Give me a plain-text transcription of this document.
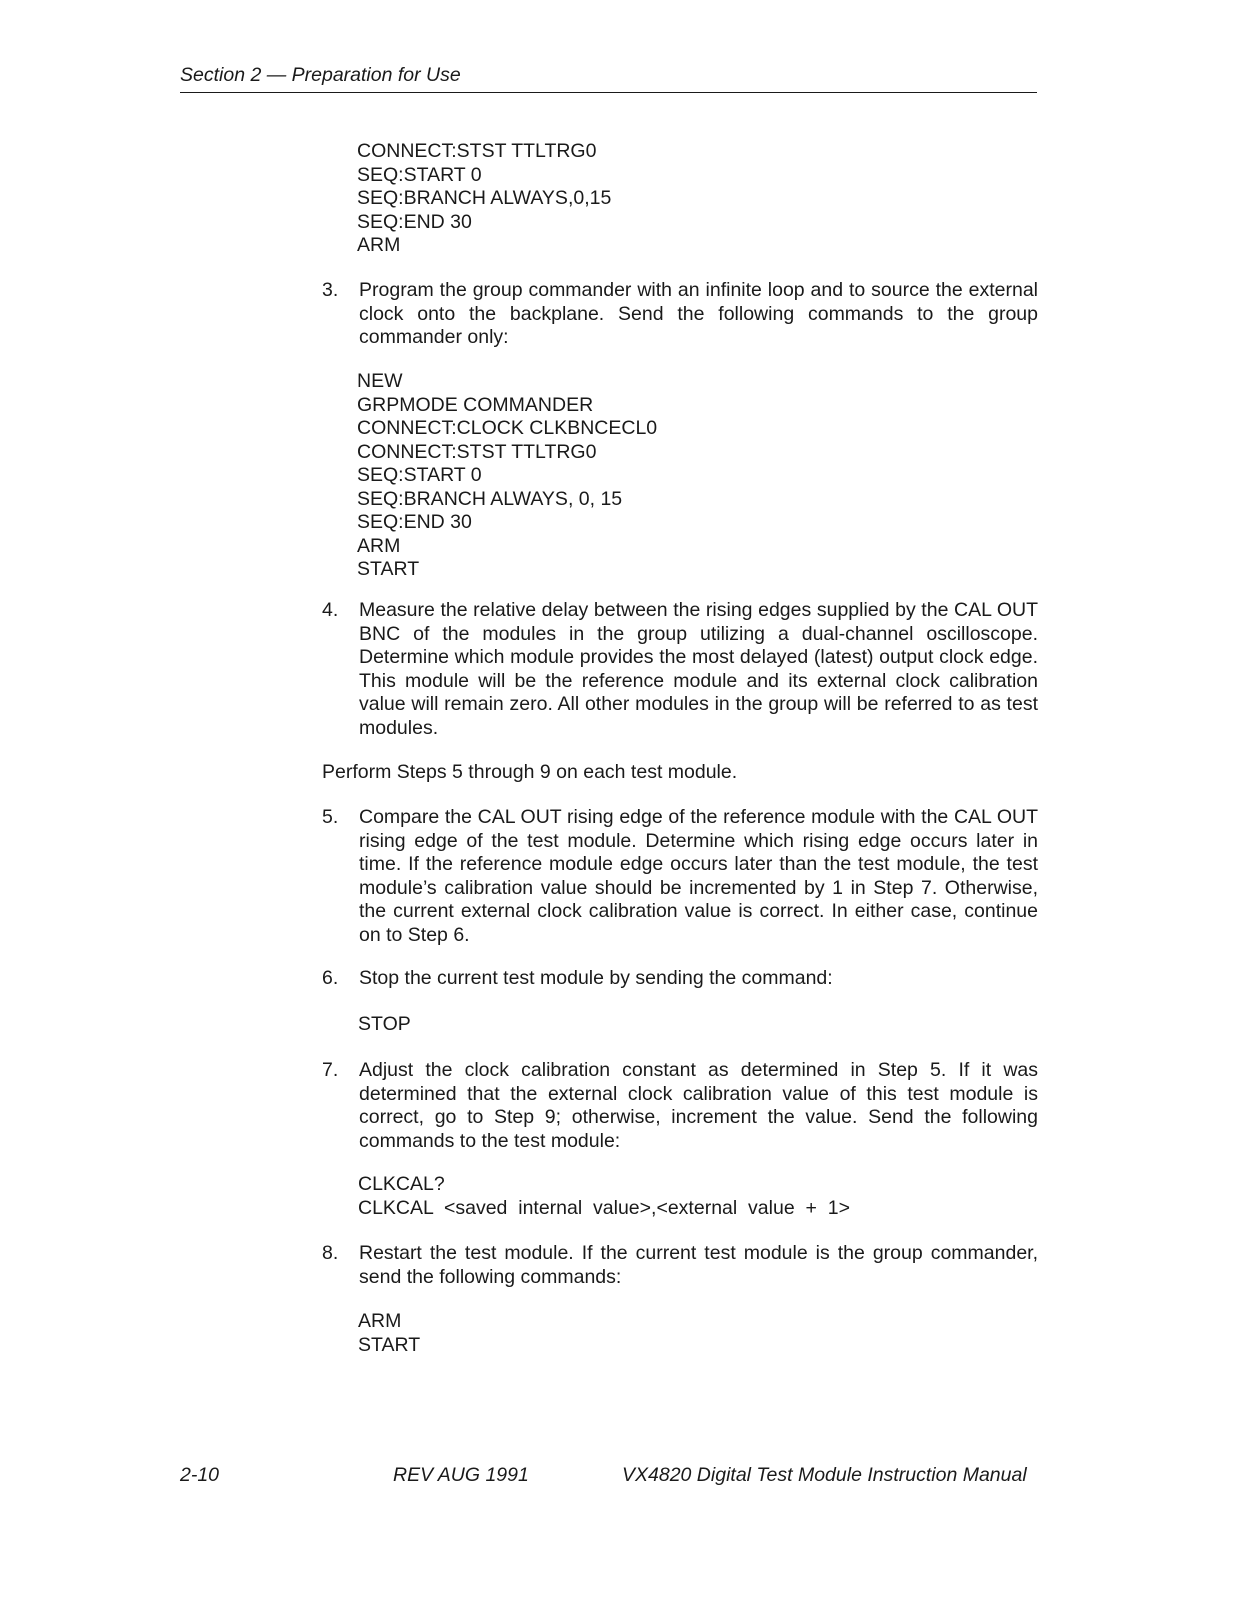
Section 2 — Preparation for Use
CONNECT:STST TTLTRG0
SEQ:START 0
SEQ:BRANCH ALWAYS,0,15
SEQ:END 30
ARM
3. Program the group commander with an infinite loop and to source the external clock onto the backplane. Send the following commands to the group commander only:
NEW
GRPMODE COMMANDER
CONNECT:CLOCK CLKBNCECL0
CONNECT:STST TTLTRG0
SEQ:START 0
SEQ:BRANCH ALWAYS, 0, 15
SEQ:END 30
ARM
START
4. Measure the relative delay between the rising edges supplied by the CAL OUT BNC of the modules in the group utilizing a dual-channel oscilloscope. Determine which module provides the most delayed (latest) output clock edge. This module will be the reference module and its external clock calibration value will remain zero. All other modules in the group will be referred to as test modules.
Perform Steps 5 through 9 on each test module.
5. Compare the CAL OUT rising edge of the reference module with the CAL OUT rising edge of the test module. Determine which rising edge occurs later in time. If the reference module edge occurs later than the test module, the test module’s calibration value should be incremented by 1 in Step 7. Otherwise, the current external clock calibration value is correct. In either case, continue on to Step 6.
6. Stop the current test module by sending the command:
STOP
7. Adjust the clock calibration constant as determined in Step 5. If it was determined that the external clock calibration value of this test module is correct, go to Step 9; otherwise, increment the value. Send the following commands to the test module:
CLKCAL?
CLKCAL  <saved  internal  value>,<external  value  +  1>
8. Restart the test module. If the current test module is the group commander, send the following commands:
ARM
START
2-10	REV AUG 1991	VX4820 Digital Test Module Instruction Manual
